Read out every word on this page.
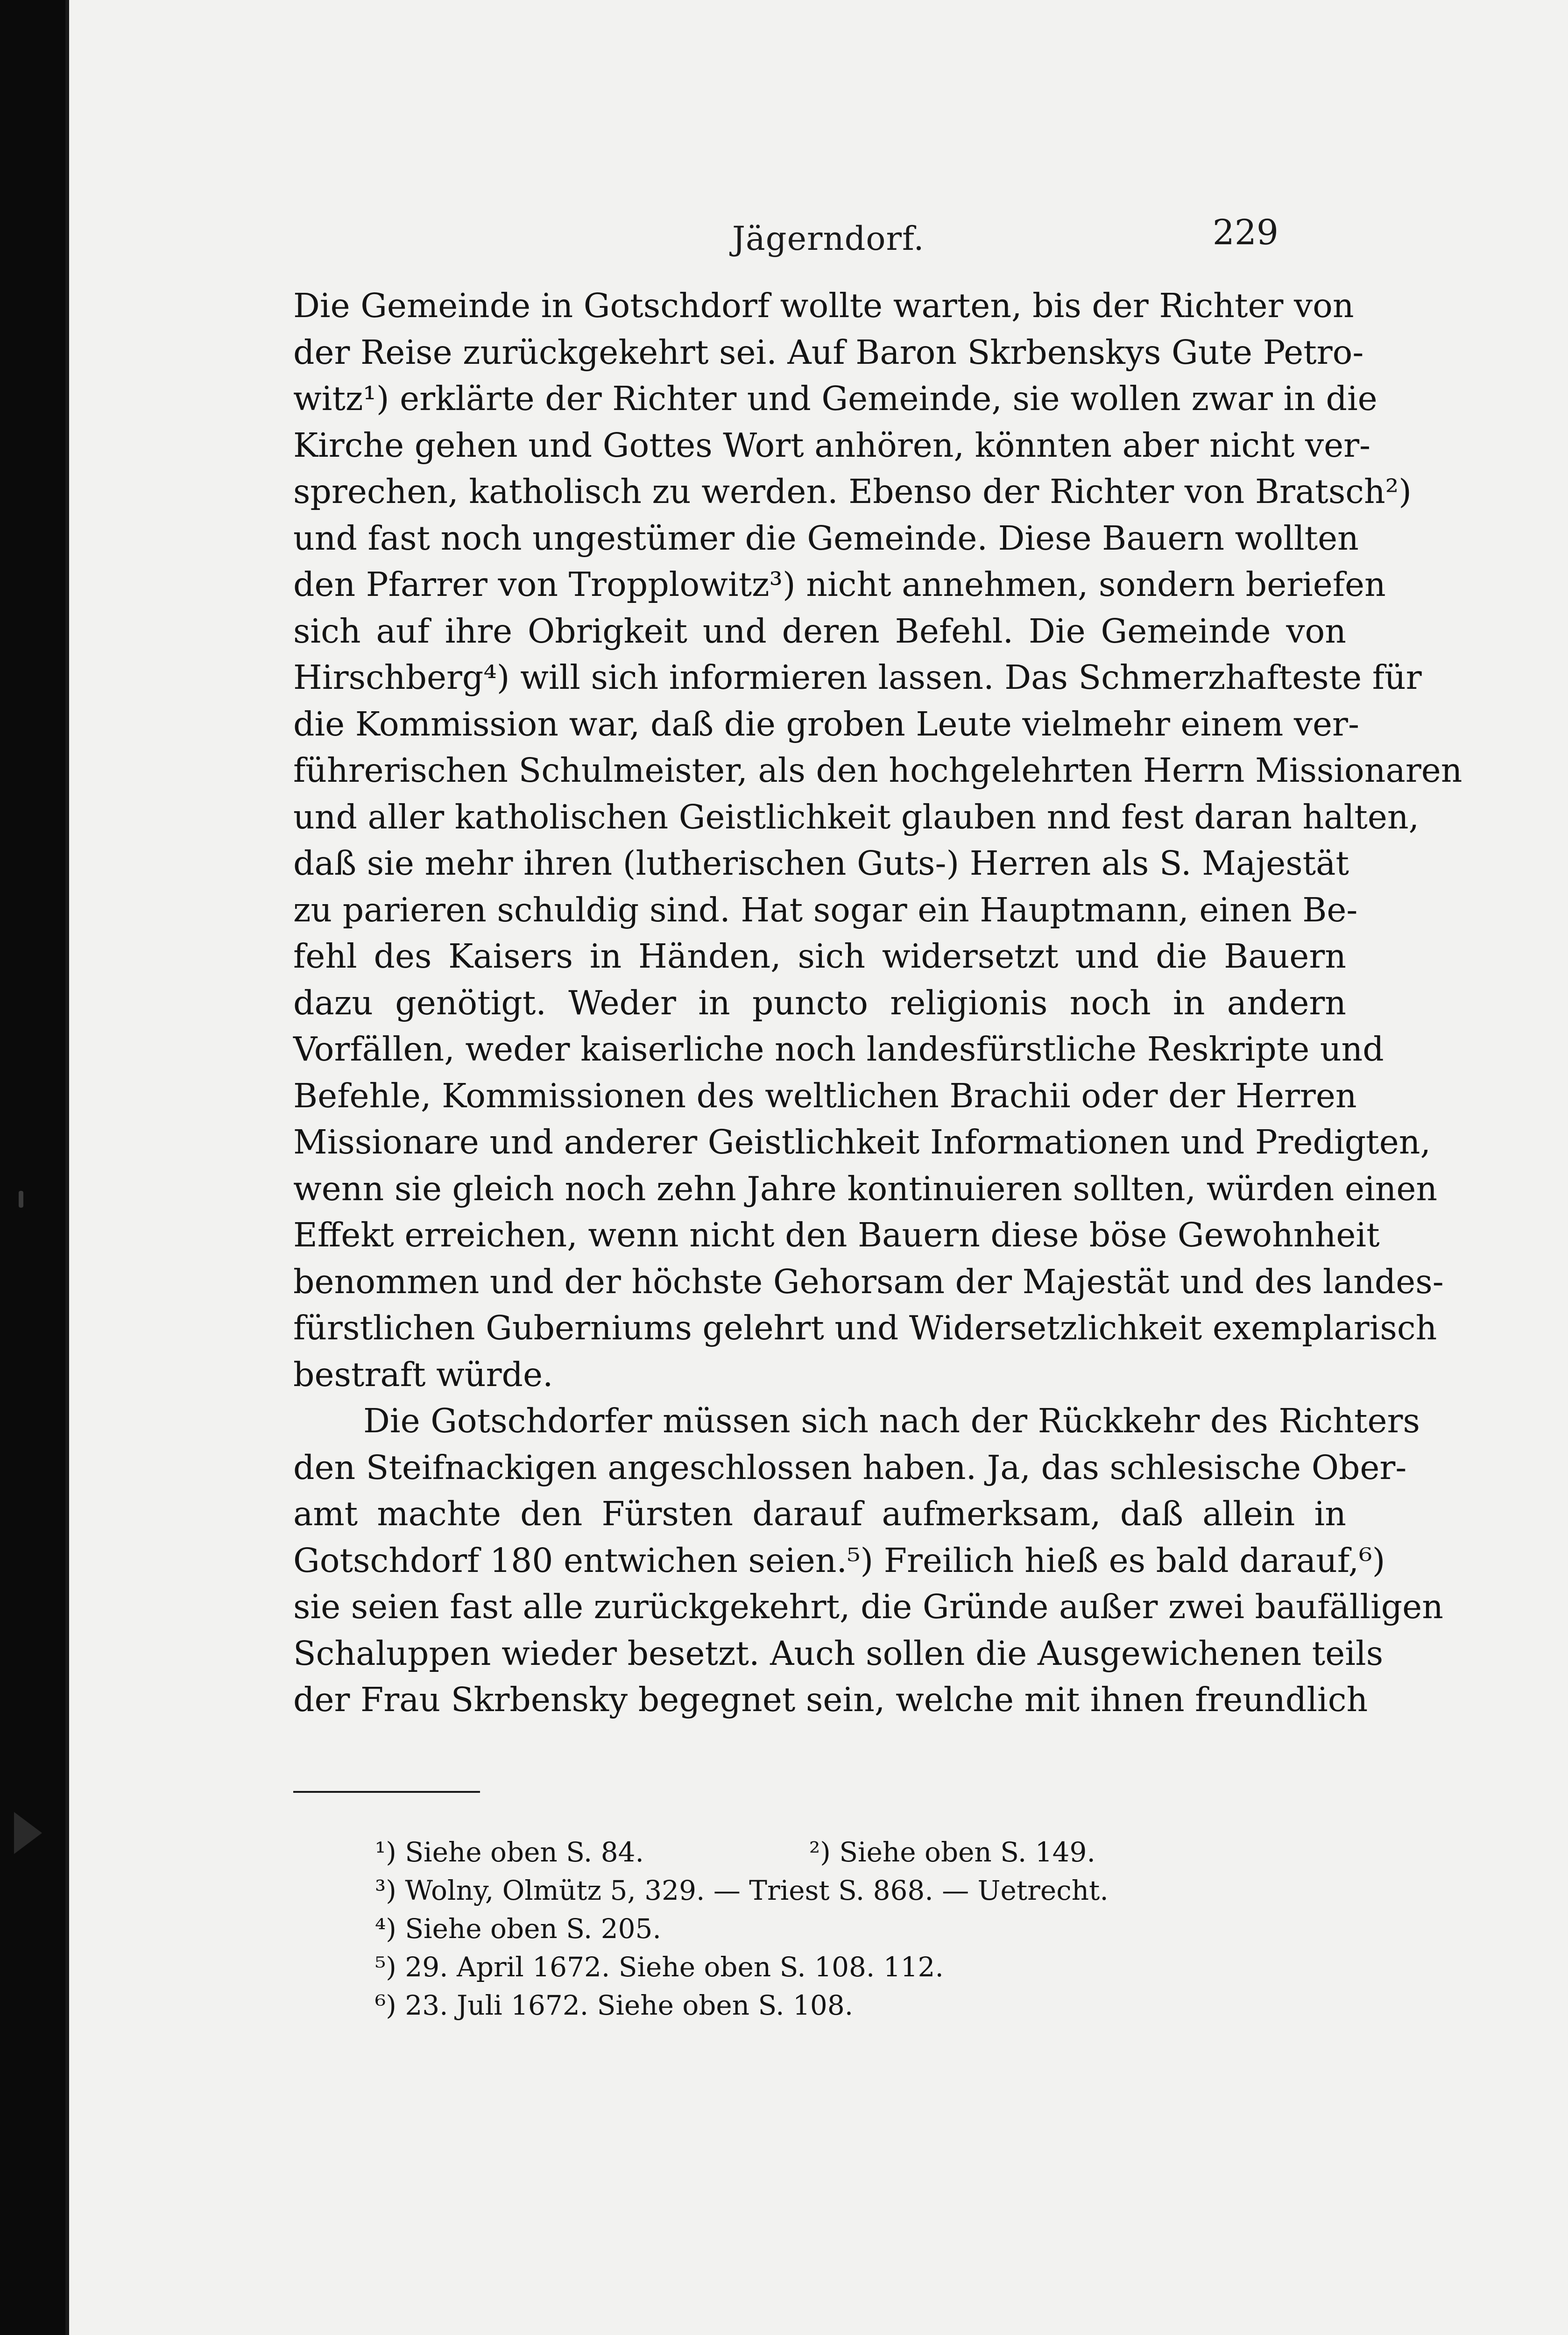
Jägerndorf.	229
Die Gemeinde in Gotschdorf wollte warten, bis der Richter von
der Reise zurückgekehrt sei. Auf Baron Skrbenskys Gute Petro-
witz¹) erklärte der Richter und Gemeinde, sie wollen zwar in die
Kirche gehen und Gottes Wort anhören, könnten aber nicht ver-
sprechen, katholisch zu werden. Ebenso der Richter von Bratsch²)
und fast noch ungestümer die Gemeinde. Diese Bauern wollten
den Pfarrer von Tropplowitz³) nicht annehmen, sondern beriefen
sich auf ihre Obrigkeit und deren Befehl. Die Gemeinde von
Hirschberg⁴) will sich informieren lassen. Das Schmerzhafteste für
die Kommission war, daß die groben Leute vielmehr einem ver-
führerischen Schulmeister, als den hochgelehrten Herrn Missionaren
und aller katholischen Geistlichkeit glauben nnd fest daran halten,
daß sie mehr ihren (lutherischen Guts-) Herren als S. Majestät
zu parieren schuldig sind. Hat sogar ein Hauptmann, einen Be-
fehl des Kaisers in Händen, sich widersetzt und die Bauern
dazu genötigt. Weder in puncto religionis noch in andern
Vorfällen, weder kaiserliche noch landesfürstliche Reskripte und
Befehle, Kommissionen des weltlichen Brachii oder der Herren
Missionare und anderer Geistlichkeit Informationen und Predigten,
wenn sie gleich noch zehn Jahre kontinuieren sollten, würden einen
Effekt erreichen, wenn nicht den Bauern diese böse Gewohnheit
benommen und der höchste Gehorsam der Majestät und des landes-
fürstlichen Guberniums gelehrt und Widersetzlichkeit exemplarisch
bestraft würde.
Die Gotschdorfer müssen sich nach der Rückkehr des Richters
den Steifnackigen angeschlossen haben. Ja, das schlesische Ober-
amt machte den Fürsten darauf aufmerksam, daß allein in
Gotschdorf 180 entwichen seien.⁵) Freilich hieß es bald darauf,⁶)
sie seien fast alle zurückgekehrt, die Gründe außer zwei baufälligen
Schaluppen wieder besetzt. Auch sollen die Ausgewichenen teils
der Frau Skrbensky begegnet sein, welche mit ihnen freundlich
¹) Siehe oben S. 84.	²) Siehe oben S. 149.
³) Wolny, Olmütz 5, 329. — Triest S. 868. — Uetrecht.
⁴) Siehe oben S. 205.
⁵) 29. April 1672. Siehe oben S. 108. 112.
⁶) 23. Juli 1672. Siehe oben S. 108.
